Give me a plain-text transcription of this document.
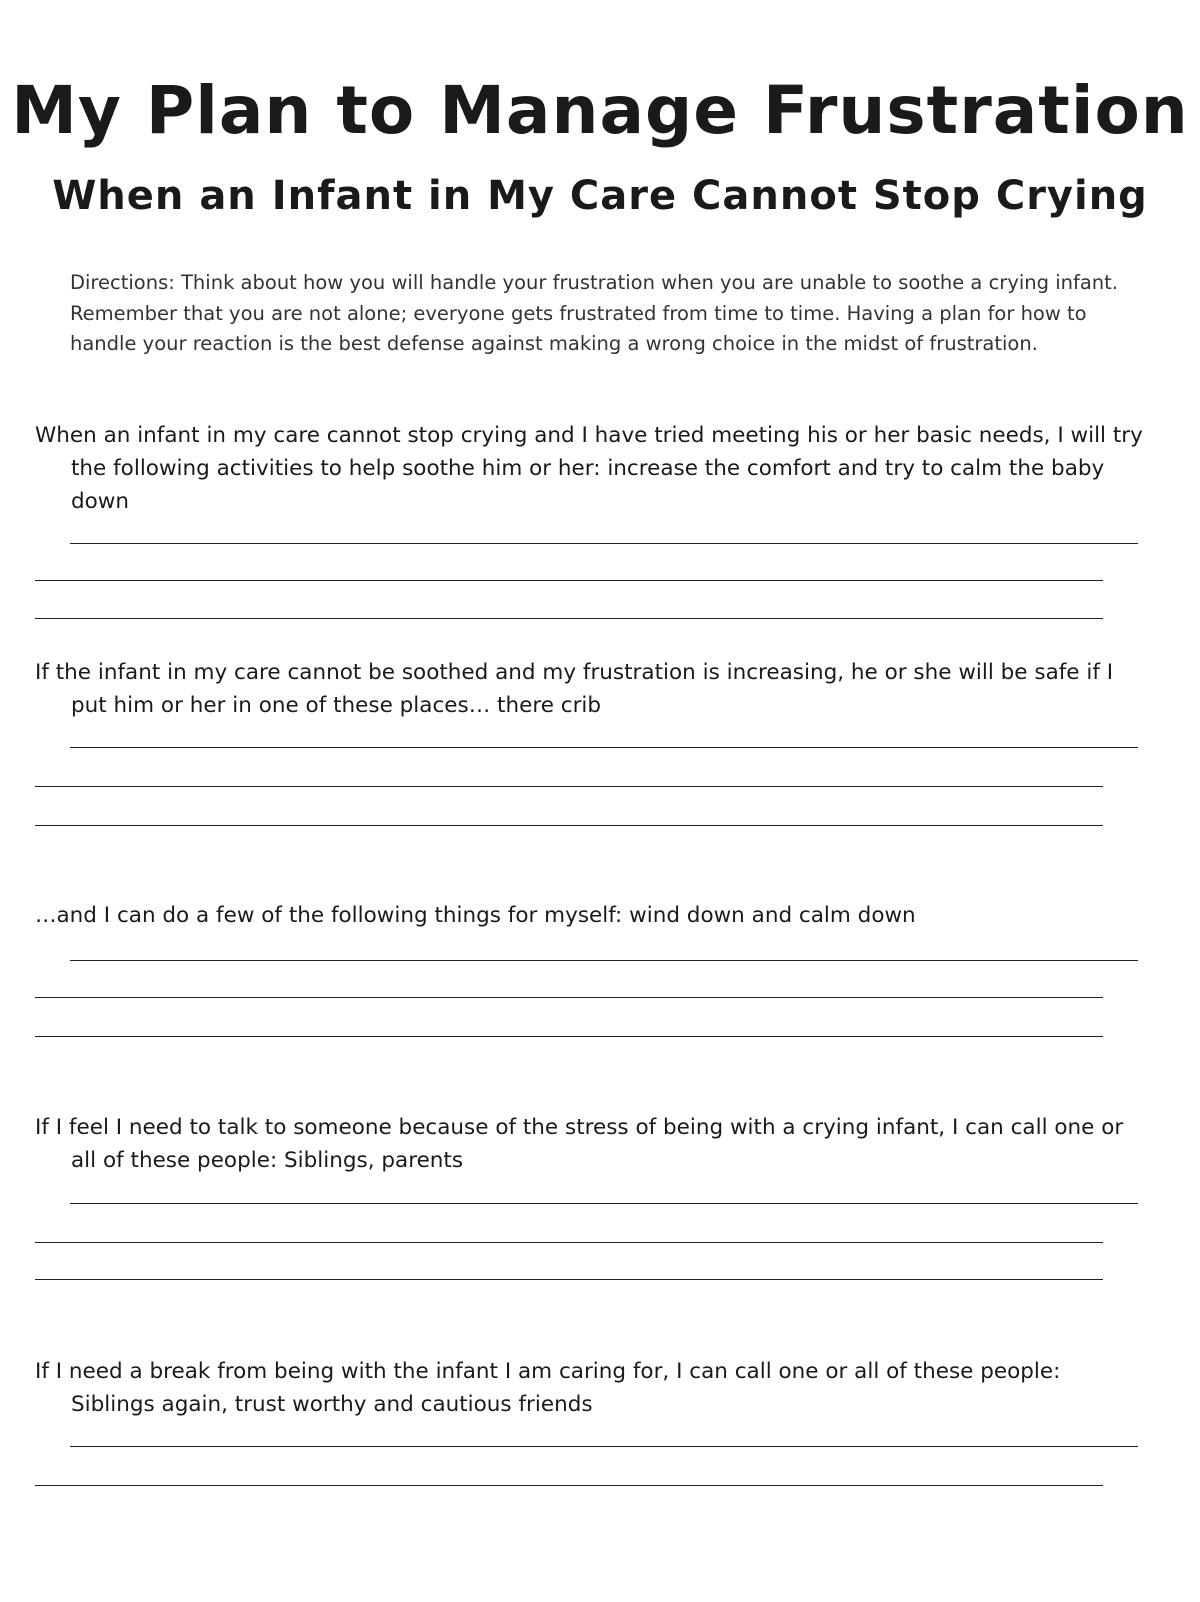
My Plan to Manage Frustration
When an Infant in My Care Cannot Stop Crying

Directions: Think about how you will handle your frustration when you are unable to soothe a crying infant. Remember that you are not alone; everyone gets frustrated from time to time. Having a plan for how to handle your reaction is the best defense against making a wrong choice in the midst of frustration.

When an infant in my care cannot stop crying and I have tried meeting his or her basic needs, I will try the following activities to help soothe him or her: increase the comfort and try to calm the baby down

If the infant in my care cannot be soothed and my frustration is increasing, he or she will be safe if I put him or her in one of these places… there crib

…and I can do a few of the following things for myself: wind down and calm down

If I feel I need to talk to someone because of the stress of being with a crying infant, I can call one or all of these people: Siblings, parents

If I need a break from being with the infant I am caring for, I can call one or all of these people: Siblings again, trust worthy and cautious friends
